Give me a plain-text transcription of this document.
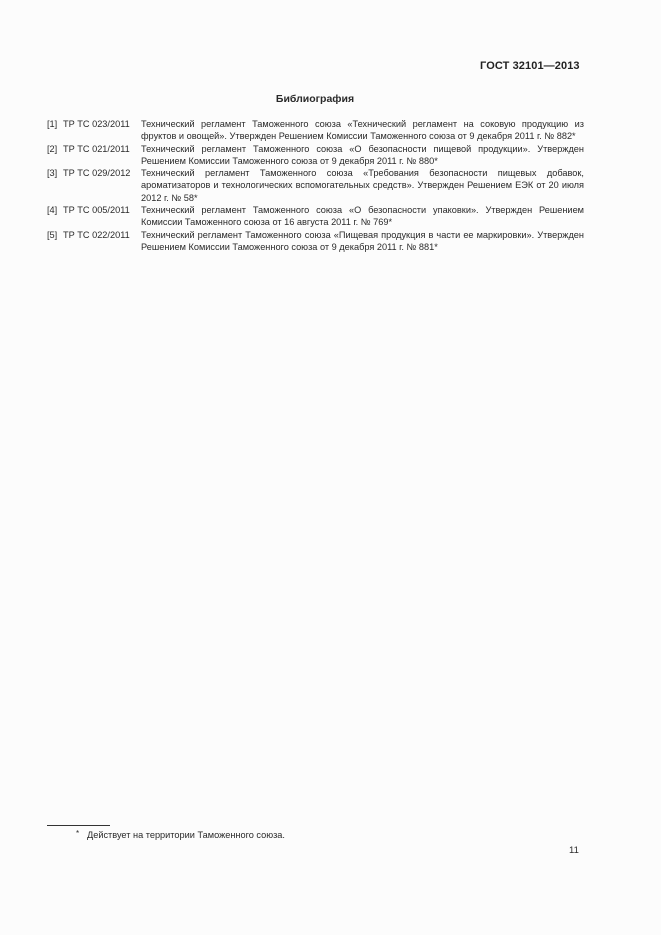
ГОСТ 32101—2013
Библиография
[1] ТР ТС 023/2011	Технический регламент Таможенного союза «Технический регламент на соковую продукцию из фруктов и овощей». Утвержден Решением Комиссии Таможенного союза от 9 декабря 2011 г. № 882*
[2] ТР ТС 021/2011	Технический регламент Таможенного союза «О безопасности пищевой продукции». Утвержден Решением Комиссии Таможенного союза от 9 декабря 2011 г. № 880*
[3] ТР ТС 029/2012	Технический регламент Таможенного союза «Требования безопасности пищевых добавок, ароматизаторов и технологических вспомогательных средств». Утвержден Решением ЕЭК от 20 июля 2012 г. № 58*
[4] ТР ТС 005/2011	Технический регламент Таможенного союза «О безопасности упаковки». Утвержден Решением Комиссии Таможенного союза от 16 августа 2011 г. № 769*
[5] ТР ТС 022/2011	Технический регламент Таможенного союза «Пищевая продукция в части ее маркировки». Утвержден Решением Комиссии Таможенного союза от 9 декабря 2011 г. № 881*
* Действует на территории Таможенного союза.
11
